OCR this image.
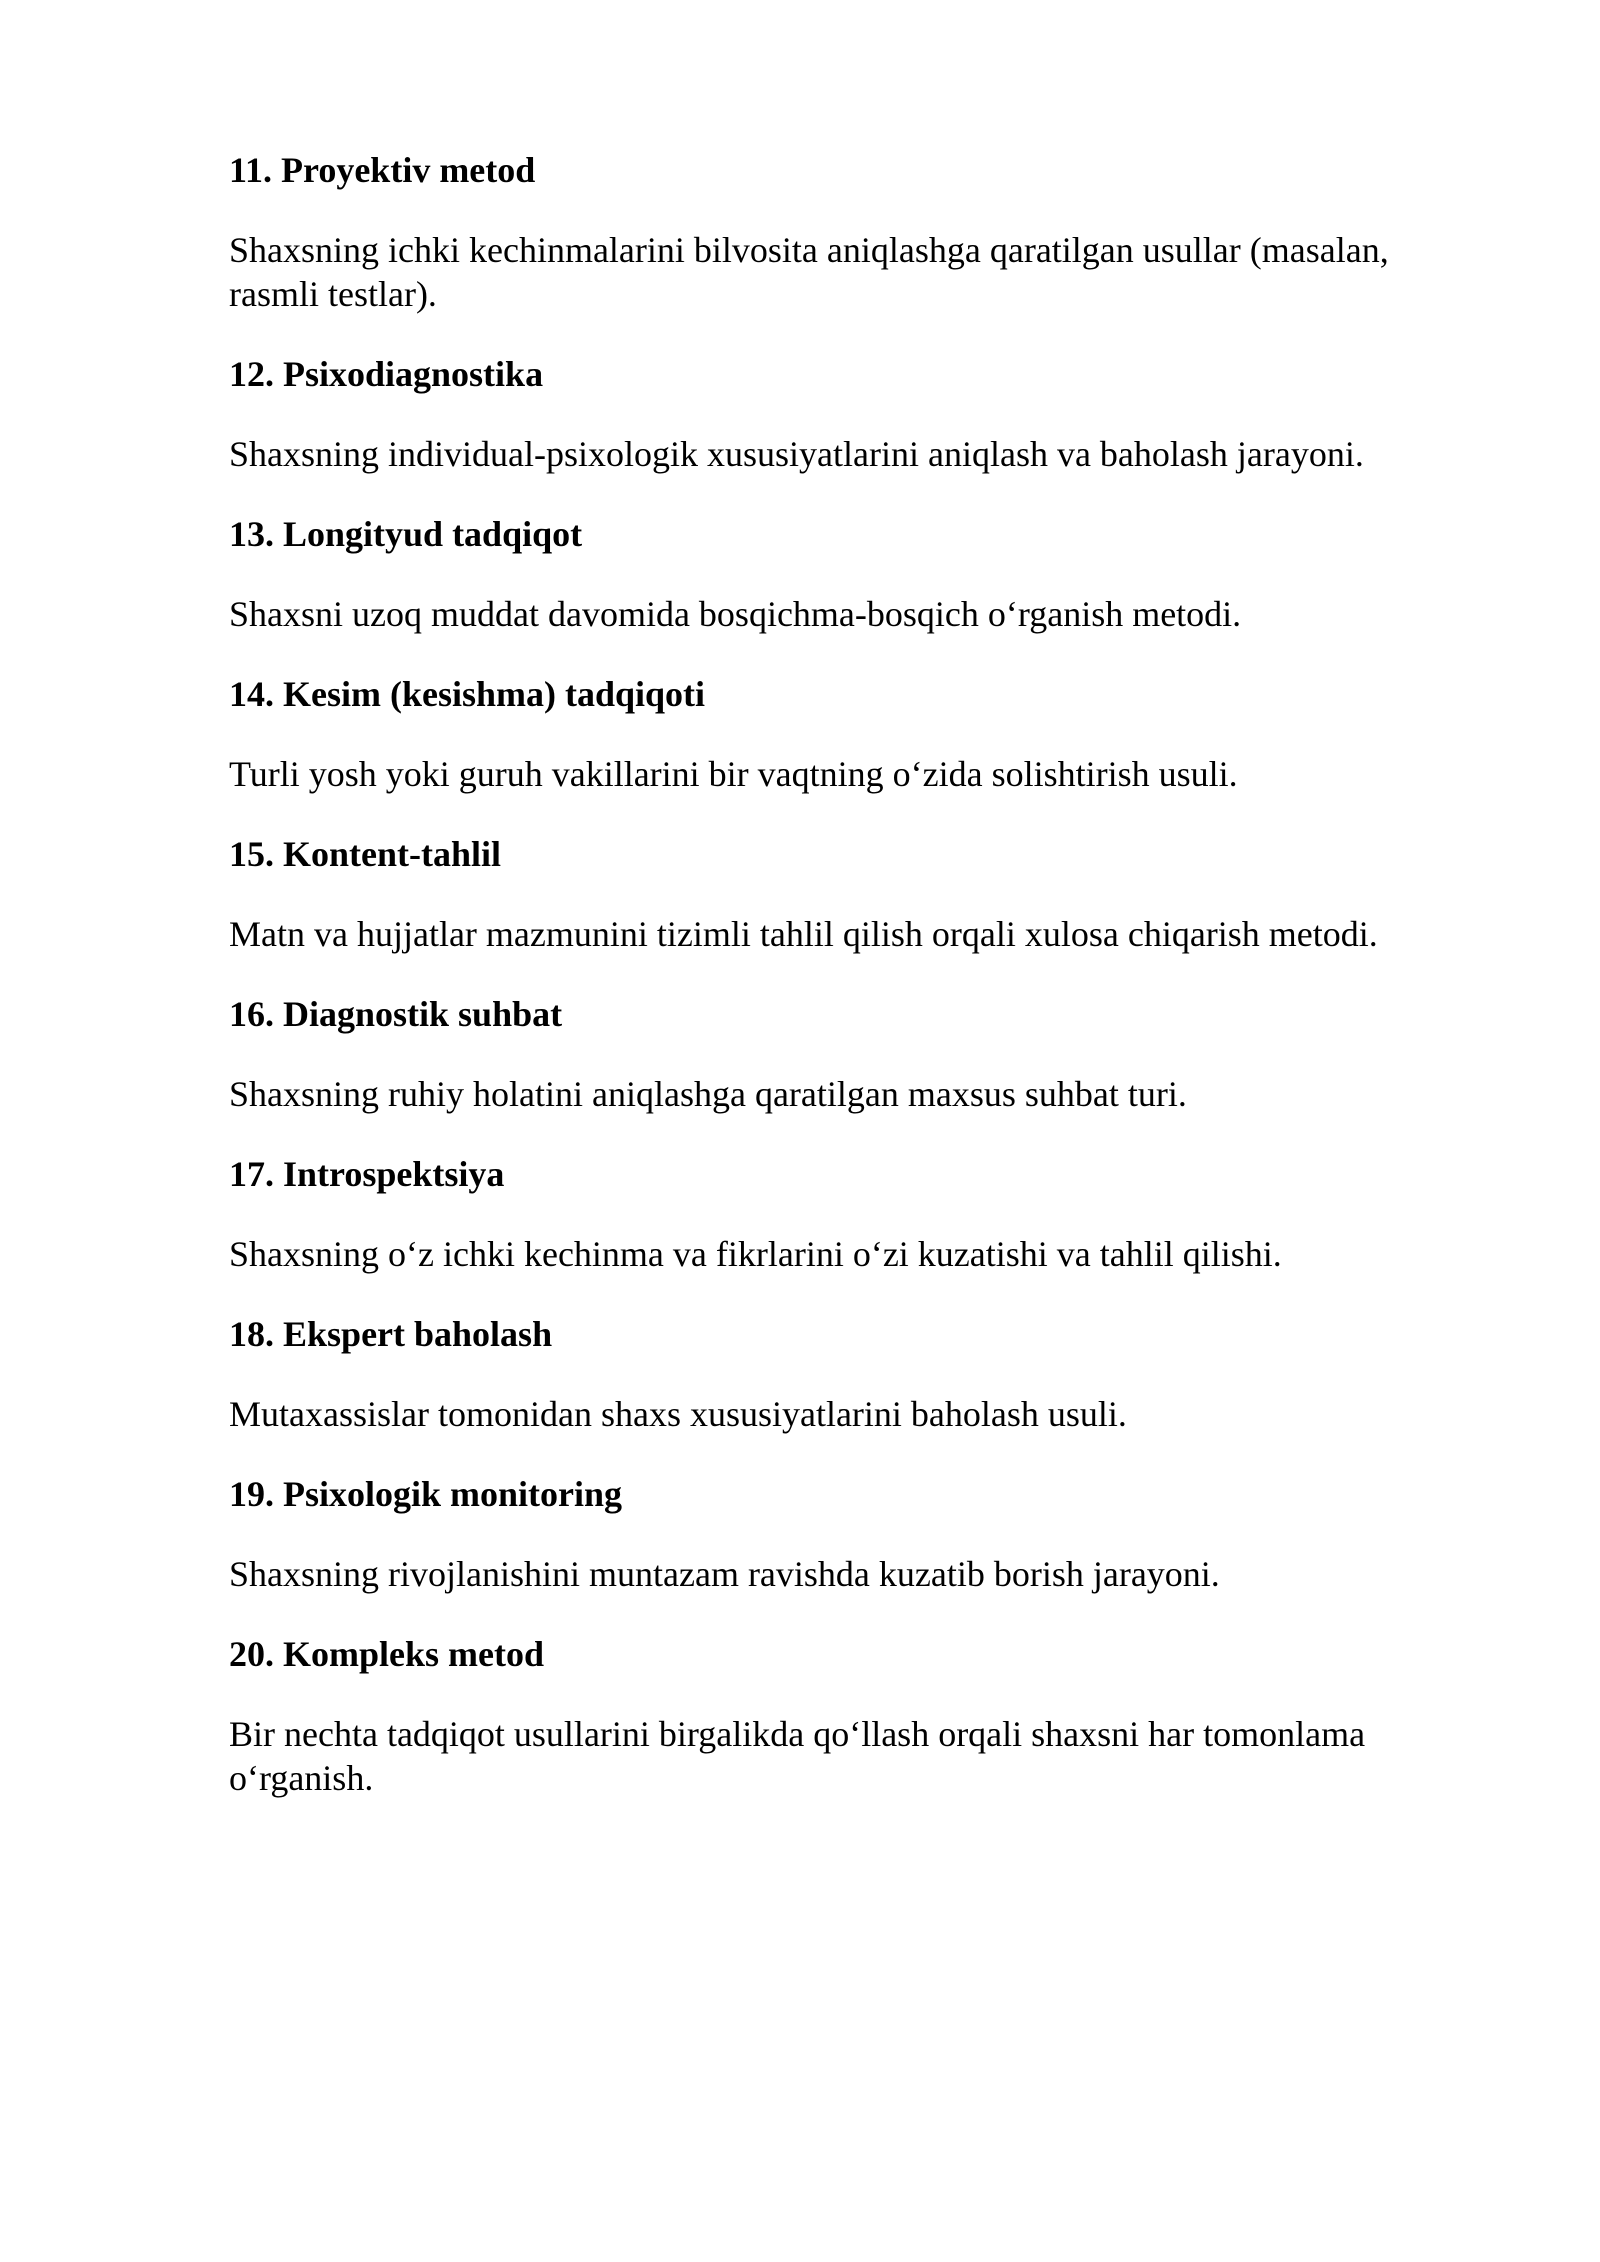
11. Proyektiv metod

Shaxsning ichki kechinmalarini bilvosita aniqlashga qaratilgan usullar (masalan, rasmli testlar).

12. Psixodiagnostika

Shaxsning individual-psixologik xususiyatlarini aniqlash va baholash jarayoni.

13. Longityud tadqiqot

Shaxsni uzoq muddat davomida bosqichma-bosqich o‘rganish metodi.

14. Kesim (kesishma) tadqiqoti

Turli yosh yoki guruh vakillarini bir vaqtning o‘zida solishtirish usuli.

15. Kontent-tahlil

Matn va hujjatlar mazmunini tizimli tahlil qilish orqali xulosa chiqarish metodi.

16. Diagnostik suhbat

Shaxsning ruhiy holatini aniqlashga qaratilgan maxsus suhbat turi.

17. Introspektsiya

Shaxsning o‘z ichki kechinma va fikrlarini o‘zi kuzatishi va tahlil qilishi.

18. Ekspert baholash

Mutaxassislar tomonidan shaxs xususiyatlarini baholash usuli.

19. Psixologik monitoring

Shaxsning rivojlanishini muntazam ravishda kuzatib borish jarayoni.

20. Kompleks metod

Bir nechta tadqiqot usullarini birgalikda qo‘llash orqali shaxsni har tomonlama o‘rganish.
